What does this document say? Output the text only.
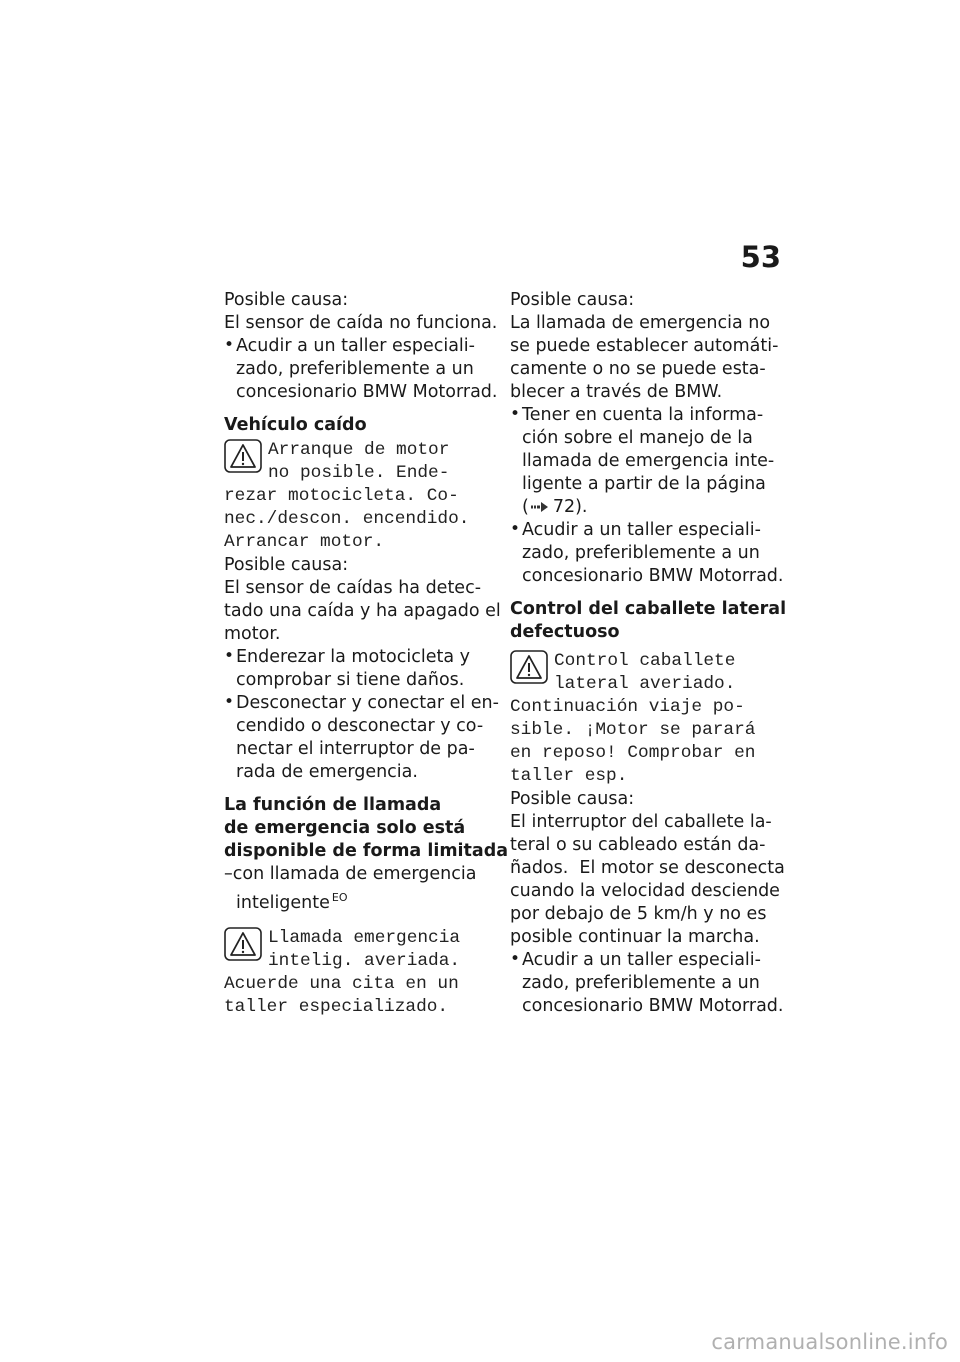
53

Posible causa:

El sensor de caída no funciona.

• Acudir a un taller especiali-
zado, preferiblemente a un
concesionario BMW Motorrad.

Vehículo caído

Arranque de motor

no posible. Ende-

rezar motocicleta. Co-

nec./descon. encendido.

Arrancar motor.

Posible causa:

El sensor de caídas ha detec-

tado una caída y ha apagado el

motor.

• Enderezar la motocicleta y
comprobar si tiene daños.
• Desconectar y conectar el en-
cendido o desconectar y co-
nectar el interruptor de pa-
rada de emergencia.

La función de llamada

de emergencia solo está

disponible de forma limitada

–con llamada de emergencia

inteligente $^{EO}$

Llamada emergencia

intelig. averiada.

Acuerde una cita en un

taller especializado.

Posible causa:

La llamada de emergencia no

se puede establecer automáti-

camente o no se puede esta-

blecer a través de BMW.

• Tener en cuenta la informa-
ción sobre el manejo de la
llamada de emergencia inte-
ligente a partir de la página
( 72).
• Acudir a un taller especiali-
zado, preferiblemente a un
concesionario BMW Motorrad.

Control del caballete lateral

defectuoso

Control caballete

lateral averiado.

Continuación viaje po-

sible. ¡Motor se parará

en reposo! Comprobar en

taller esp.

Posible causa:

El interruptor del caballete la-

teral o su cableado están da-

ñados.  El motor se desconecta

cuando la velocidad desciende

por debajo de 5 km/h y no es

posible continuar la marcha.

• Acudir a un taller especiali-
zado, preferiblemente a un
concesionario BMW Motorrad.
carmanualsonline.info
